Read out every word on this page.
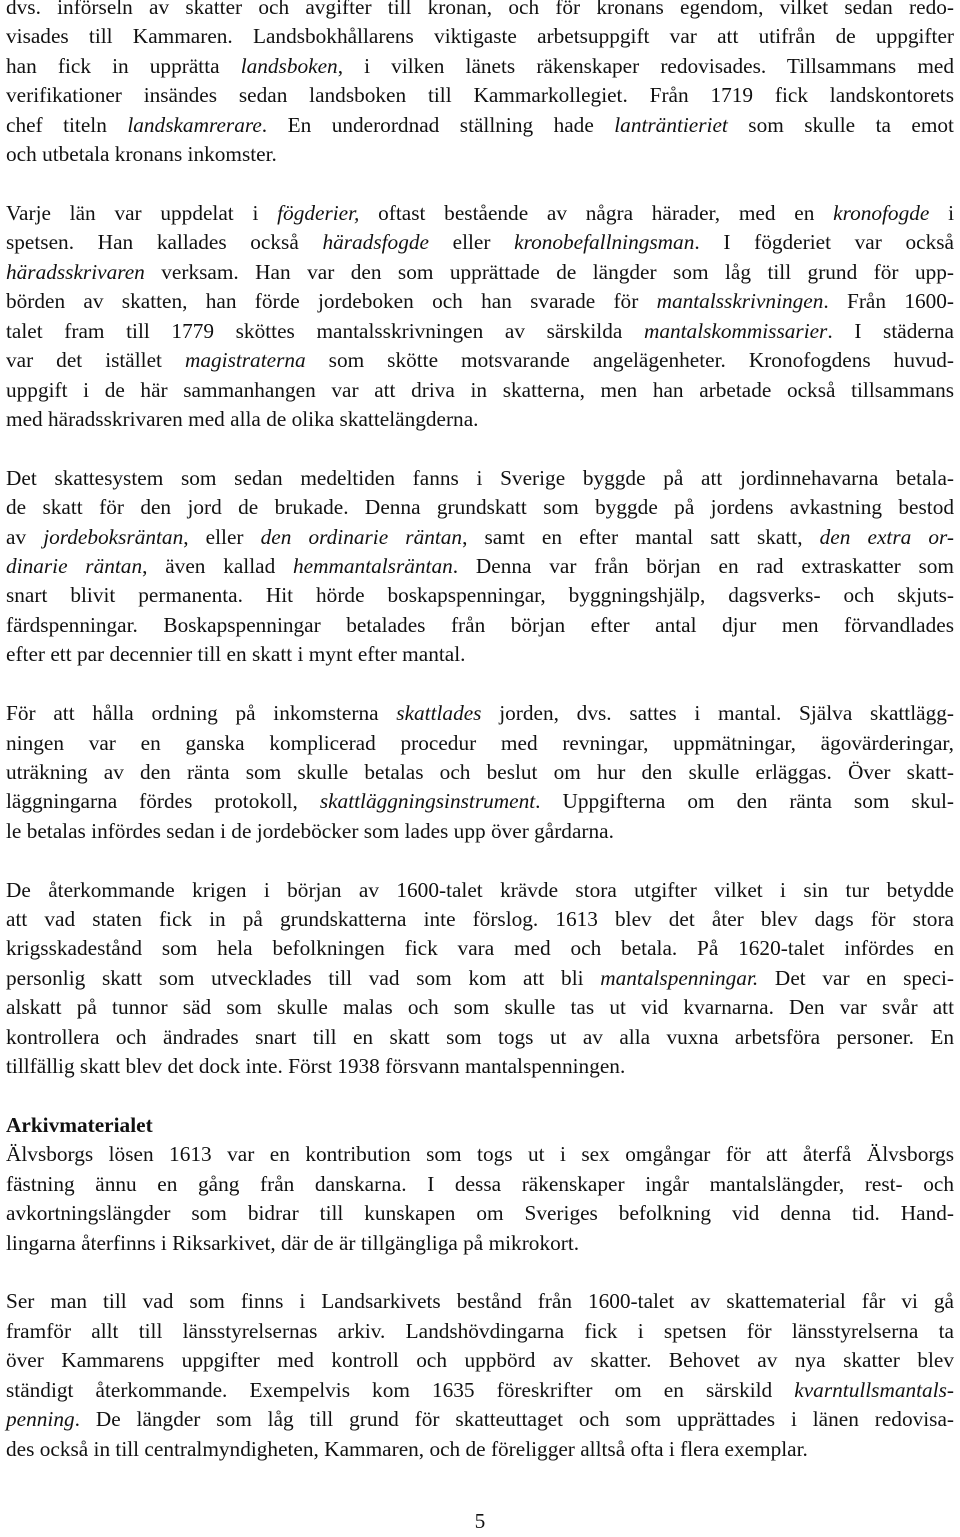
dvs. införseln av skatter och avgifter till kronan, och för kronans egendom, vilket sedan redo-
visades till Kammaren. Landsbokhållarens viktigaste arbetsuppgift var att utifrån de uppgifter
han fick in upprätta landsboken, i vilken länets räkenskaper redovisades. Tillsammans med
verifikationer insändes sedan landsboken till Kammarkollegiet. Från 1719 fick landskontorets
chef titeln landskamrerare. En underordnad ställning hade lanträntieriet som skulle ta emot
och utbetala kronans inkomster.
Varje län var uppdelat i fögderier, oftast bestående av några härader, med en kronofogde i
spetsen. Han kallades också häradsfogde eller kronobefallningsman. I fögderiet var också
häradsskrivaren verksam. Han var den som upprättade de längder som låg till grund för upp-
börden av skatten, han förde jordeboken och han svarade för mantalsskrivningen. Från 1600-
talet fram till 1779 sköttes mantalsskrivningen av särskilda mantalskommissarier. I städerna
var det istället magistraterna som skötte motsvarande angelägenheter. Kronofogdens huvud-
uppgift i de här sammanhangen var att driva in skatterna, men han arbetade också tillsammans
med häradsskrivaren med alla de olika skattelängderna.
Det skattesystem som sedan medeltiden fanns i Sverige byggde på att jordinnehavarna betala-
de skatt för den jord de brukade. Denna grundskatt som byggde på jordens avkastning bestod
av jordeboksräntan, eller den ordinarie räntan, samt en efter mantal satt skatt, den extra or-
dinarie räntan, även kallad hemmantalsräntan. Denna var från början en rad extraskatter som
snart blivit permanenta. Hit hörde boskapspenningar, byggningshjälp, dagsverks- och skjuts-
färdspenningar. Boskapspenningar betalades från början efter antal djur men förvandlades
efter ett par decennier till en skatt i mynt efter mantal.
För att hålla ordning på inkomsterna skattlades jorden, dvs. sattes i mantal. Själva skattlägg-
ningen var en ganska komplicerad procedur med revningar, uppmätningar, ägovärderingar,
uträkning av den ränta som skulle betalas och beslut om hur den skulle erläggas. Över skatt-
läggningarna fördes protokoll, skattläggningsinstrument. Uppgifterna om den ränta som skul-
le betalas infördes sedan i de jordeböcker som lades upp över gårdarna.
De återkommande krigen i början av 1600-talet krävde stora utgifter vilket i sin tur betydde
att vad staten fick in på grundskatterna inte förslog. 1613 blev det åter blev dags för stora
krigsskadestånd som hela befolkningen fick vara med och betala. På 1620-talet infördes en
personlig skatt som utvecklades till vad som kom att bli mantalspenningar. Det var en speci-
alskatt på tunnor säd som skulle malas och som skulle tas ut vid kvarnarna. Den var svår att
kontrollera och ändrades snart till en skatt som togs ut av alla vuxna arbetsföra personer. En
tillfällig skatt blev det dock inte. Först 1938 försvann mantalspenningen.
Arkivmaterialet
Älvsborgs lösen 1613 var en kontribution som togs ut i sex omgångar för att återfå Älvsborgs
fästning ännu en gång från danskarna. I dessa räkenskaper ingår mantalslängder, rest- och
avkortningslängder som bidrar till kunskapen om Sveriges befolkning vid denna tid. Hand-
lingarna återfinns i Riksarkivet, där de är tillgängliga på mikrokort.
Ser man till vad som finns i Landsarkivets bestånd från 1600-talet av skattematerial får vi gå
framför allt till länsstyrelsernas arkiv. Landshövdingarna fick i spetsen för länsstyrelserna ta
över Kammarens uppgifter med kontroll och uppbörd av skatter. Behovet av nya skatter blev
ständigt återkommande. Exempelvis kom 1635 föreskrifter om en särskild kvarntullsmantals-
penning. De längder som låg till grund för skatteuttaget och som upprättades i länen redovisa-
des också in till centralmyndigheten, Kammaren, och de föreligger alltså ofta i flera exemplar.
5
